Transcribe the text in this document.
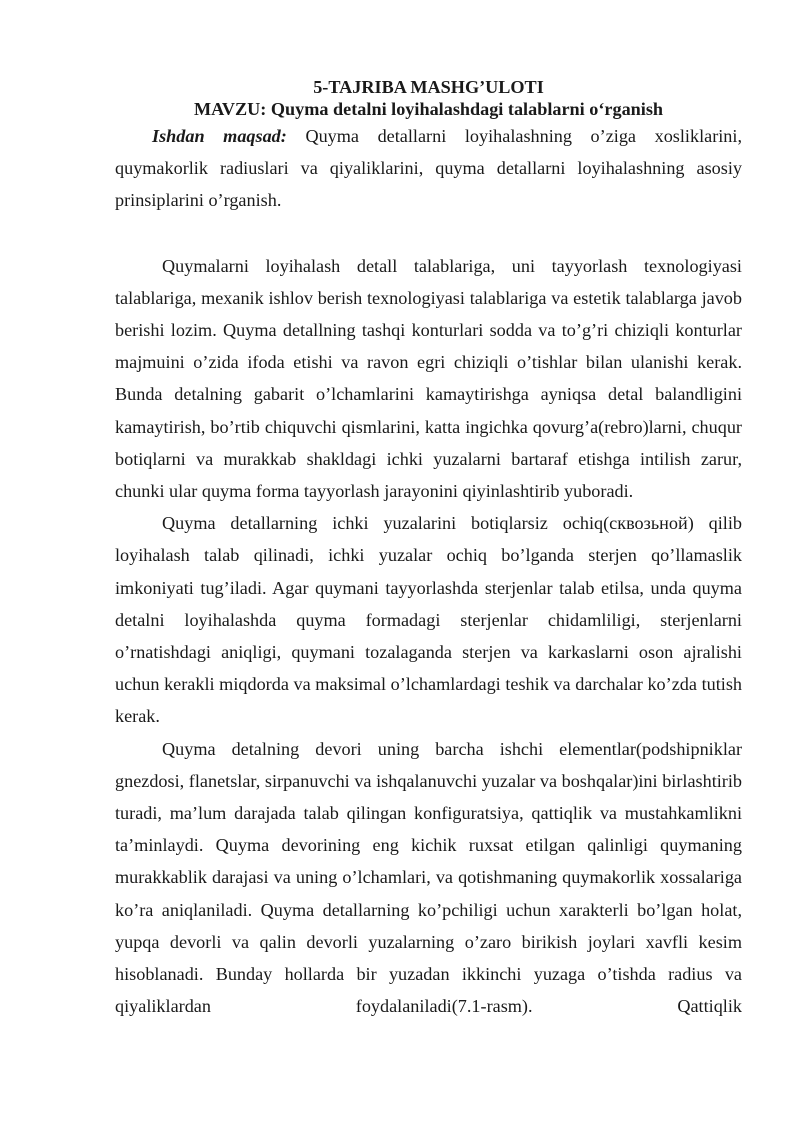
5-TAJRIBA MASHG’ULOTI
MAVZU: Quyma detalni loyihalashdagi talablarni o‘rganish

Ishdan maqsad: Quyma detallarni loyihalashning o’ziga xosliklarini, quymakorlik radiuslari va qiyaliklarini, quyma detallarni loyihalashning asosiy prinsiplarini o’rganish.

Quymalarni loyihalash detall talablariga, uni tayyorlash texnologiyasi talablariga, mexanik ishlov berish texnologiyasi talablariga va estetik talablarga javob berishi lozim. Quyma detallning tashqi konturlari sodda va to’g’ri chiziqli konturlar majmuini o’zida ifoda etishi va ravon egri chiziqli o’tishlar bilan ulanishi kerak. Bunda detalning gabarit o’lchamlarini kamaytirishga ayniqsa detal balandligini kamaytirish, bo’rtib chiquvchi qismlarini, katta ingichka qovurg’a(rebro)larni, chuqur botiqlarni va murakkab shakldagi ichki yuzalarni bartaraf etishga intilish zarur, chunki ular quyma forma tayyorlash jarayonini qiyinlashtirib yuboradi.

Quyma detallarning ichki yuzalarini botiqlarsiz ochiq(сквозьной) qilib loyihalash talab qilinadi, ichki yuzalar ochiq bo’lganda sterjen qo’llamaslik imkoniyati tug’iladi. Agar quymani tayyorlashda sterjenlar talab etilsa, unda quyma detalni loyihalashda quyma formadagi sterjenlar chidamliligi, sterjenlarni o’rnatishdagi aniqligi, quymani tozalaganda sterjen va karkaslarni oson ajralishi uchun kerakli miqdorda va maksimal o’lchamlardagi teshik va darchalar ko’zda tutish kerak.

Quyma detalning devori uning barcha ishchi elementlar(podshipniklar gnezdosi, flanetslar, sirpanuvchi va ishqalanuvchi yuzalar va boshqalar)ini birlashtirib turadi, ma’lum darajada talab qilingan konfiguratsiya, qattiqlik va mustahkamlikni ta’minlaydi. Quyma devorining eng kichik ruxsat etilgan qalinligi quymaning murakkablik darajasi va uning o’lchamlari, va qotishmaning quymakorlik xossalariga ko’ra aniqlaniladi. Quyma detallarning ko’pchiligi uchun xarakterli bo’lgan holat, yupqa devorli va qalin devorli yuzalarning o’zaro birikish joylari xavfli kesim hisoblanadi. Bunday hollarda bir yuzadan ikkinchi yuzaga o’tishda radius va qiyaliklardan foydalaniladi(7.1-rasm). Qattiqlik
